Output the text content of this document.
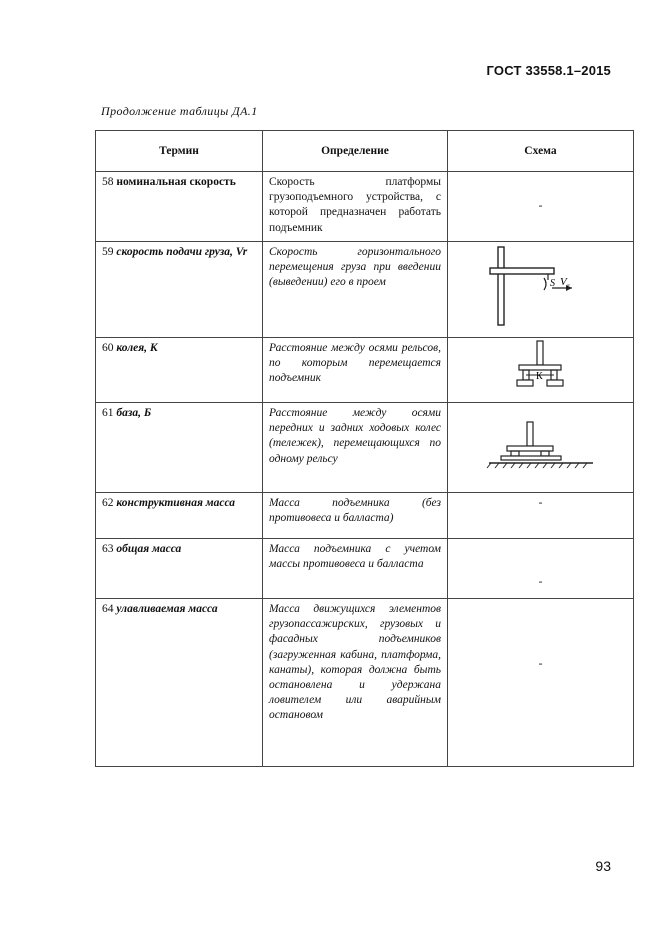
ГОСТ 33558.1–2015
Продолжение таблицы ДА.1
Термин	Определение	Схема
58 номинальная скорость	Скорость платформы грузоподъемного устройства, с которой предназначен работать подъемник	-
59 скорость подачи груза, Vr	Скорость горизонтального перемещения груза при введении (выведении) его в проем	S V r

60 колея, К	Расстояние между осями рельсов, по которым перемещается подъемник	К

61 база, Б	Расстояние между осями передних и задних ходовых колес (тележек), перемещающихся по одному рельсу	
62 конструктивная масса	Масса подъемника (без противовеса и балласта)	-
63 общая масса	Масса подъемника с учетом массы противовеса и балласта	-
64 улавливаемая масса	Масса движущихся элементов грузопассажирских, грузовых и фасадных подъемников (загруженная кабина, платформа, канаты), которая должна быть остановлена и удержана ловителем или аварийным остановом	-
93
